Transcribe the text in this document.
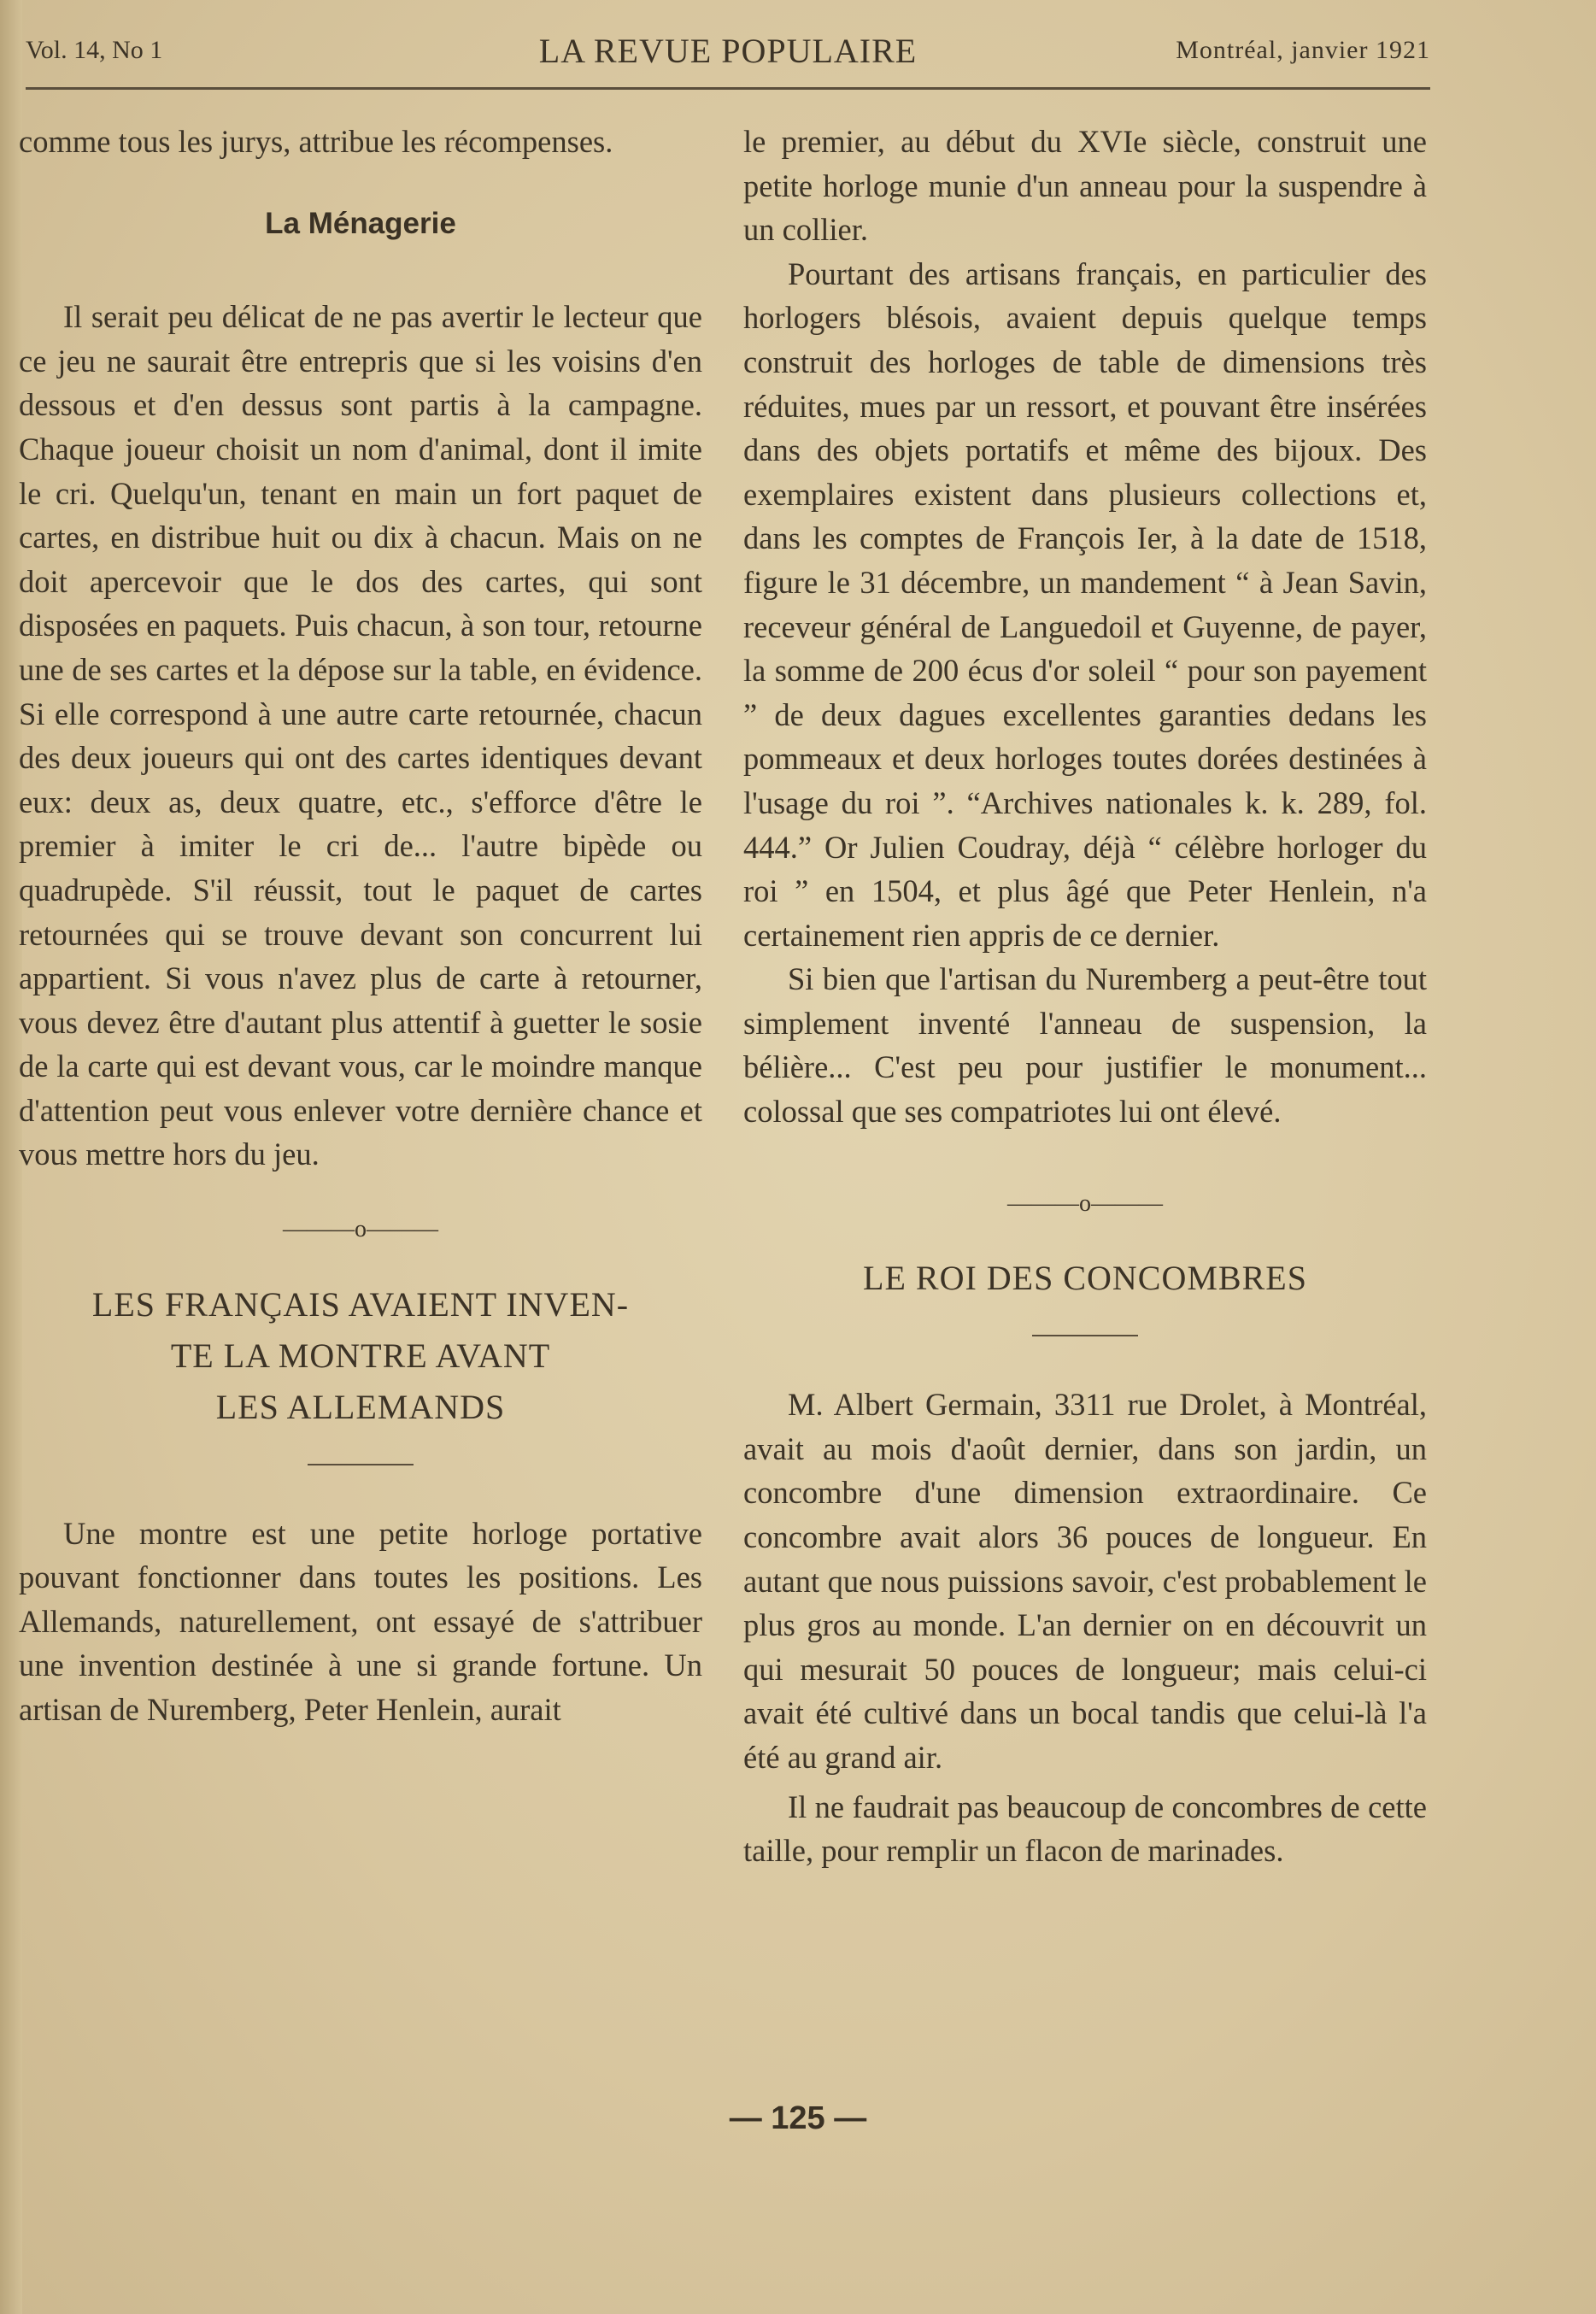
Vol. 14, No 1	LA REVUE POPULAIRE	Montréal, janvier 1921

comme tous les jurys, attribue les récompenses.

La Ménagerie

Il serait peu délicat de ne pas avertir le lecteur que ce jeu ne saurait être entrepris que si les voisins d'en dessous et d'en dessus sont partis à la campagne. Chaque joueur choisit un nom d'animal, dont il imite le cri. Quelqu'un, tenant en main un fort paquet de cartes, en distribue huit ou dix à chacun. Mais on ne doit apercevoir que le dos des cartes, qui sont disposées en paquets. Puis chacun, à son tour, retourne une de ses cartes et la dépose sur la table, en évidence. Si elle correspond à une autre carte retournée, chacun des deux joueurs qui ont des cartes identiques devant eux: deux as, deux quatre, etc., s'efforce d'être le premier à imiter le cri de... l'autre bipède ou quadrupède. S'il réussit, tout le paquet de cartes retournées qui se trouve devant son concurrent lui appartient. Si vous n'avez plus de carte à retourner, vous devez être d'autant plus attentif à guetter le sosie de la carte qui est devant vous, car le moindre manque d'attention peut vous enlever votre dernière chance et vous mettre hors du jeu.

———o———
LES FRANÇAIS AVAIENT INVEN-
TE LA MONTRE AVANT
LES ALLEMANDS

Une montre est une petite horloge portative pouvant fonctionner dans toutes les positions. Les Allemands, naturellement, ont essayé de s'attribuer une invention destinée à une si grande fortune. Un artisan de Nuremberg, Peter Henlein, aurait

le premier, au début du XVIe siècle, construit une petite horloge munie d'un anneau pour la suspendre à un collier.

Pourtant des artisans français, en particulier des horlogers blésois, avaient depuis quelque temps construit des horloges de table de dimensions très réduites, mues par un ressort, et pouvant être insérées dans des objets portatifs et même des bijoux. Des exemplaires existent dans plusieurs collections et, dans les comptes de François Ier, à la date de 1518, figure le 31 décembre, un mandement “ à Jean Savin, receveur général de Languedoil et Guyenne, de payer, la somme de 200 écus d'or soleil “ pour son payement ” de deux dagues excellentes garanties dedans les pommeaux et deux horloges toutes dorées destinées à l'usage du roi ”. “Archives nationales k. k. 289, fol. 444.” Or Julien Coudray, déjà “ célèbre horloger du roi ” en 1504, et plus âgé que Peter Henlein, n'a certainement rien appris de ce dernier.

Si bien que l'artisan du Nuremberg a peut-être tout simplement inventé l'anneau de suspension, la bélière... C'est peu pour justifier le monument... colossal que ses compatriotes lui ont élevé.

———o———
LE ROI DES CONCOMBRES

M. Albert Germain, 3311 rue Drolet, à Montréal, avait au mois d'août dernier, dans son jardin, un concombre d'une dimension extraordinaire. Ce concombre avait alors 36 pouces de longueur. En autant que nous puissions savoir, c'est probablement le plus gros au monde. L'an dernier on en découvrit un qui mesurait 50 pouces de longueur; mais celui-ci avait été cultivé dans un bocal tandis que celui-là l'a été au grand air.

Il ne faudrait pas beaucoup de concombres de cette taille, pour remplir un flacon de marinades.

— 125 —
